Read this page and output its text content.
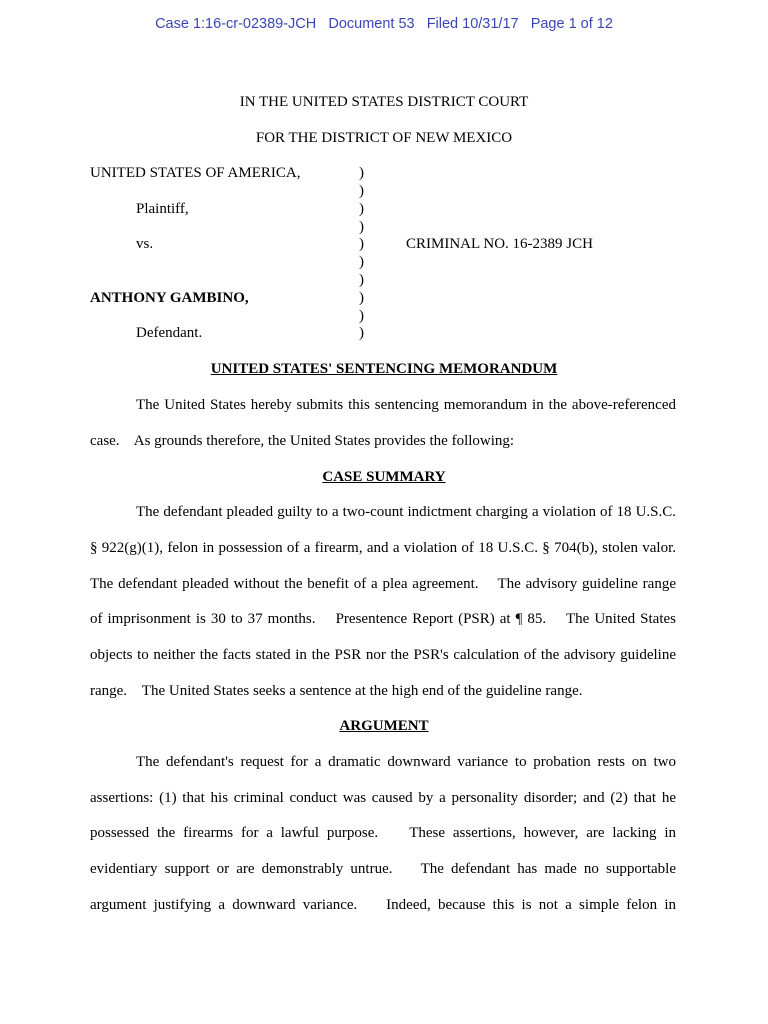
Case 1:16-cr-02389-JCH Document 53 Filed 10/31/17 Page 1 of 12
IN THE UNITED STATES DISTRICT COURT
FOR THE DISTRICT OF NEW MEXICO
UNITED STATES OF AMERICA,
Plaintiff,
vs.
ANTHONY GAMBINO,
Defendant.
CRIMINAL NO. 16-2389 JCH
)
)
)
)
)
)
)
)
)
)
UNITED STATES' SENTENCING MEMORANDUM
The United States hereby submits this sentencing memorandum in the above-referenced
case.    As grounds therefore, the United States provides the following:
CASE SUMMARY
The defendant pleaded guilty to a two-count indictment charging a violation of 18 U.S.C.
§ 922(g)(1), felon in possession of a firearm, and a violation of 18 U.S.C. § 704(b), stolen valor.
The defendant pleaded without the benefit of a plea agreement.    The advisory guideline range
of imprisonment is 30 to 37 months.    Presentence Report (PSR) at ¶ 85.    The United States
objects to neither the facts stated in the PSR nor the PSR's calculation of the advisory guideline
range.    The United States seeks a sentence at the high end of the guideline range.
ARGUMENT
The defendant's request for a dramatic downward variance to probation rests on two
assertions: (1) that his criminal conduct was caused by a personality disorder; and (2) that he
possessed the firearms for a lawful purpose.    These assertions, however, are lacking in
evidentiary support or are demonstrably untrue.    The defendant has made no supportable
argument justifying a downward variance.    Indeed, because this is not a simple felon in
